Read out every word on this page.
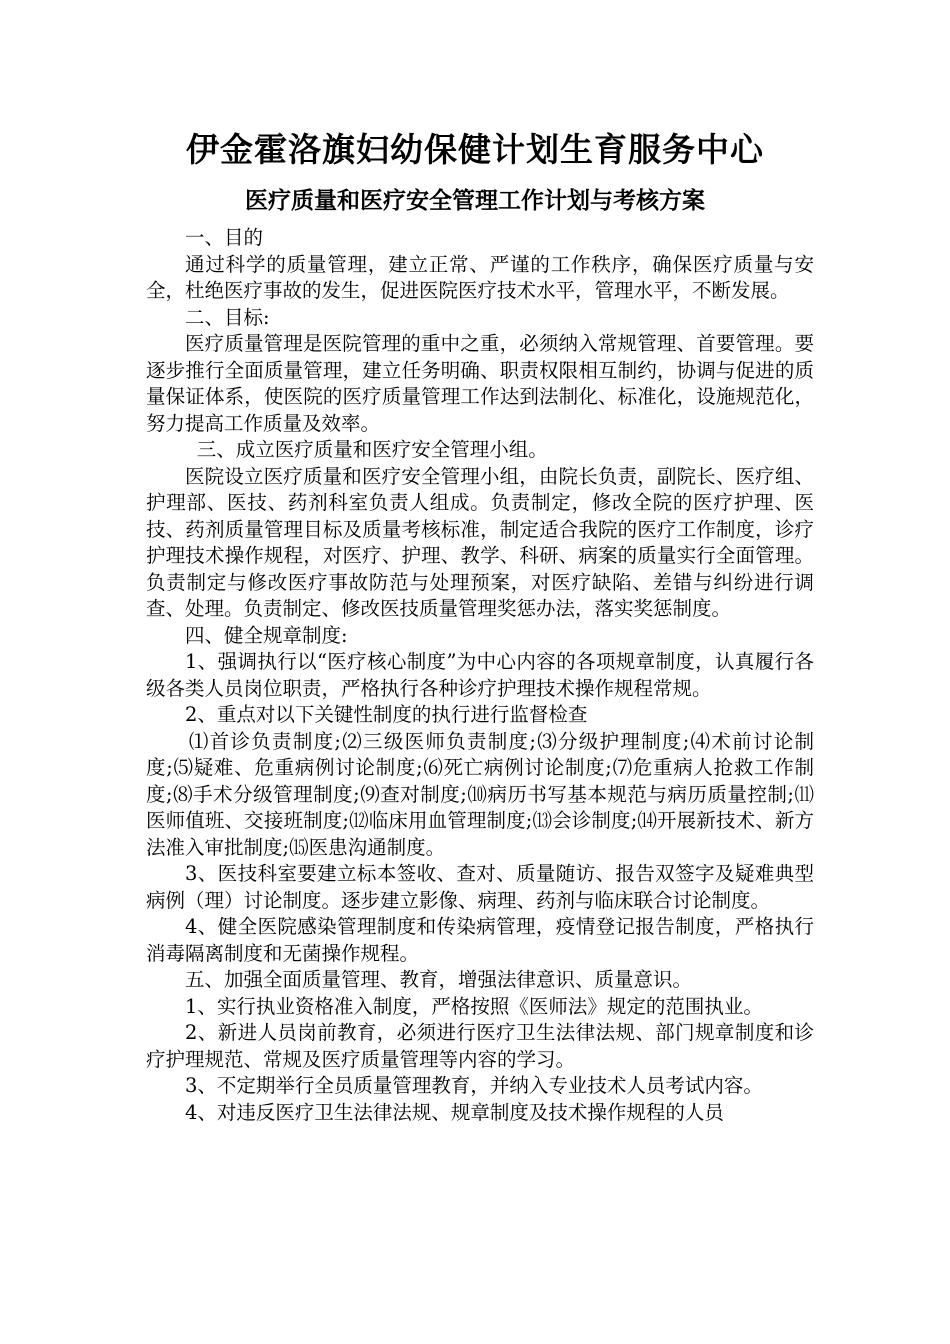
伊金霍洛旗妇幼保健计划生育服务中心
医疗质量和医疗安全管理工作计划与考核方案

一、目的

通过科学的质量管理，建立正常、严谨的工作秩序，确保医疗质量与安全，杜绝医疗事故的发生，促进医院医疗技术水平，管理水平，不断发展。

二、目标:

医疗质量管理是医院管理的重中之重，必须纳入常规管理、首要管理。要逐步推行全面质量管理，建立任务明确、职责权限相互制约，协调与促进的质量保证体系，使医院的医疗质量管理工作达到法制化、标准化，设施规范化，努力提高工作质量及效率。

三、成立医疗质量和医疗安全管理小组。

医院设立医疗质量和医疗安全管理小组，由院长负责，副院长、医疗组、护理部、医技、药剂科室负责人组成。负责制定，修改全院的医疗护理、医技、药剂质量管理目标及质量考核标准，制定适合我院的医疗工作制度，诊疗护理技术操作规程，对医疗、护理、教学、科研、病案的质量实行全面管理。负责制定与修改医疗事故防范与处理预案，对医疗缺陷、差错与纠纷进行调查、处理。负责制定、修改医技质量管理奖惩办法，落实奖惩制度。

四、健全规章制度:

1、强调执行以“医疗核心制度”为中心内容的各项规章制度，认真履行各级各类人员岗位职责，严格执行各种诊疗护理技术操作规程常规。

2、重点对以下关键性制度的执行进行监督检查

⑴首诊负责制度;⑵三级医师负责制度;⑶分级护理制度;⑷术前讨论制度;⑸疑难、危重病例讨论制度;⑹死亡病例讨论制度;⑺危重病人抢救工作制度;⑻手术分级管理制度;⑼查对制度;⑽病历书写基本规范与病历质量控制;⑾医师值班、交接班制度;⑿临床用血管理制度;⒀会诊制度;⒁开展新技术、新方法准入审批制度;⒂医患沟通制度。

3、医技科室要建立标本签收、查对、质量随访、报告双签字及疑难典型病例（理）讨论制度。逐步建立影像、病理、药剂与临床联合讨论制度。

4、健全医院感染管理制度和传染病管理，疫情登记报告制度，严格执行消毒隔离制度和无菌操作规程。

五、加强全面质量管理、教育，增强法律意识、质量意识。

1、实行执业资格准入制度，严格按照《医师法》规定的范围执业。

2、新进人员岗前教育，必须进行医疗卫生法律法规、部门规章制度和诊疗护理规范、常规及医疗质量管理等内容的学习。

3、不定期举行全员质量管理教育，并纳入专业技术人员考试内容。

4、对违反医疗卫生法律法规、规章制度及技术操作规程的人员
